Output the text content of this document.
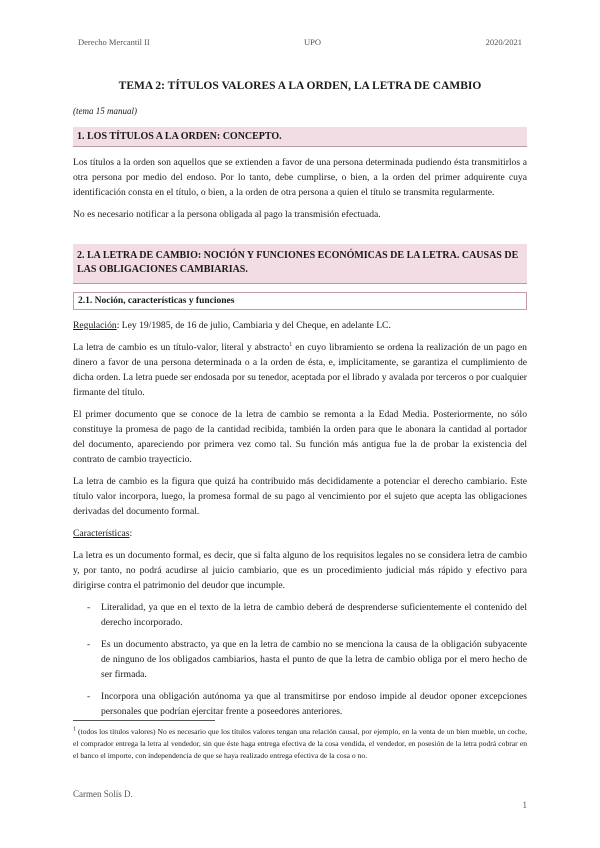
Derecho Mercantil II	UPO	2020/2021
TEMA 2: TÍTULOS VALORES A LA ORDEN, LA LETRA DE CAMBIO
(tema 15 manual)
1. LOS TÍTULOS A LA ORDEN: CONCEPTO.

Los títulos a la orden son aquellos que se extienden a favor de una persona determinada pudiendo ésta transmitirlos a otra persona por medio del endoso. Por lo tanto, debe cumplirse, o bien, a la orden del primer adquirente cuya identificación consta en el título, o bien, a la orden de otra persona a quien el título se transmita regularmente.

No es necesario notificar a la persona obligada al pago la transmisión efectuada.

2. LA LETRA DE CAMBIO: NOCIÓN Y FUNCIONES ECONÓMICAS DE LA LETRA. CAUSAS DE LAS OBLIGACIONES CAMBIARIAS.
2.1. Noción, características y funciones

Regulación: Ley 19/1985, de 16 de julio, Cambiaria y del Cheque, en adelante LC.

La letra de cambio es un título-valor, literal y abstracto$^1$ en cuyo libramiento se ordena la realización de un pago en dinero a favor de una persona determinada o a la orden de ésta, e, implícitamente, se garantiza el cumplimiento de dicha orden. La letra puede ser endosada por su tenedor, aceptada por el librado y avalada por terceros o por cualquier firmante del título.

El primer documento que se conoce de la letra de cambio se remonta a la Edad Media. Posteriormente, no sólo constituye la promesa de pago de la cantidad recibida, también la orden para que le abonara la cantidad al portador del documento, apareciendo por primera vez como tal. Su función más antigua fue la de probar la existencia del contrato de cambio trayecticio.

La letra de cambio es la figura que quizá ha contribuido más decididamente a potenciar el derecho cambiario. Este título valor incorpora, luego, la promesa formal de su pago al vencimiento por el sujeto que acepta las obligaciones derivadas del documento formal.

Características:

La letra es un documento formal, es decir, que si falta alguno de los requisitos legales no se considera letra de cambio y, por tanto, no podrá acudirse al juicio cambiario, que es un procedimiento judicial más rápido y efectivo para dirigirse contra el patrimonio del deudor que incumple.

- Literalidad, ya que en el texto de la letra de cambio deberá de desprenderse suficientemente el contenido del derecho incorporado.
- Es un documento abstracto, ya que en la letra de cambio no se menciona la causa de la obligación subyacente de ninguno de los obligados cambiarios, hasta el punto de que la letra de cambio obliga por el mero hecho de ser firmada.
- Incorpora una obligación autónoma ya que al transmitirse por endoso impide al deudor oponer excepciones personales que podrían ejercitar frente a poseedores anteriores.

$^1$ (todos los títulos valores) No es necesario que los títulos valores tengan una relación causal, por ejemplo, en la venta de un bien mueble, un coche, el comprador entrega la letra al vendedor, sin que éste haga entrega efectiva de la cosa vendida, el vendedor, en posesión de la letra podrá cobrar en el banco el importe, con independencia de que se haya realizado entrega efectiva de la cosa o no.

Carmen Solís D.
1
